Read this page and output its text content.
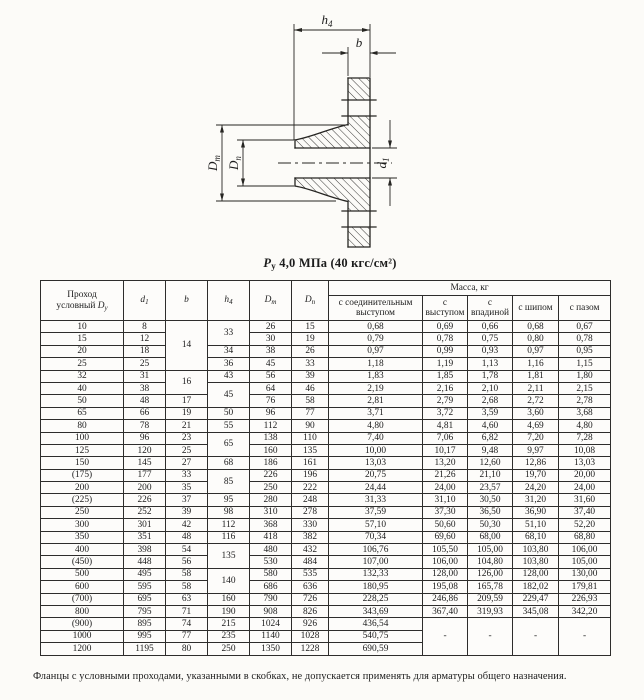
$h_4$
b
$D_m$
$D_n$
$d_1$
$P_у$ 4,0 МПа (40 кгс/см²)
Проход
условный $D_у$	$d_1$	b	$h_4$	$D_m$	$D_n$	Масса, кг				
						с соединительным выступом	с выступом	с впадиной	с шипом	с пазом
10	8	14	33	26	15	0,68	0,69	0,66	0,68	0,67
15	12			30	19	0,79	0,78	0,75	0,80	0,78
20	18		34	38	26	0,97	0,99	0,93	0,97	0,95
25	25		36	45	33	1,18	1,19	1,13	1,16	1,15
32	31	16	43	56	39	1,83	1,85	1,78	1,81	1,80
40	38		45	64	46	2,19	2,16	2,10	2,11	2,15
50	48	17		76	58	2,81	2,79	2,68	2,72	2,78
65	66	19	50	96	77	3,71	3,72	3,59	3,60	3,68
80	78	21	55	112	90	4,80	4,81	4,60	4,69	4,80
100	96	23	65	138	110	7,40	7,06	6,82	7,20	7,28
125	120	25		160	135	10,00	10,17	9,48	9,97	10,08
150	145	27	68	186	161	13,03	13,20	12,60	12,86	13,03
(175)	177	33	85	226	196	20,75	21,26	21,10	19,70	20,00
200	200	35		250	222	24,44	24,00	23,57	24,20	24,00
(225)	226	37	95	280	248	31,33	31,10	30,50	31,20	31,60
250	252	39	98	310	278	37,59	37,30	36,50	36,90	37,40
300	301	42	112	368	330	57,10	50,60	50,30	51,10	52,20
350	351	48	116	418	382	70,34	69,60	68,00	68,10	68,80
400	398	54	135	480	432	106,76	105,50	105,00	103,80	106,00
(450)	448	56		530	484	107,00	106,00	104,80	103,80	105,00
500	495	58	140	580	535	132,33	128,00	126,00	128,00	130,00
600	595	58		686	636	180,95	195,08	165,78	182,02	179,81
(700)	695	63	160	790	726	228,25	246,86	209,59	229,47	226,93
800	795	71	190	908	826	343,69	367,40	319,93	345,08	342,20
(900)	895	74	215	1024	926	436,54	-	-	-	-
1000	995	77	235	1140	1028	540,75				
1200	1195	80	250	1350	1228	690,59				
Фланцы с условными проходами, указанными в скобках, не допускается применять для арматуры общего назначения.
